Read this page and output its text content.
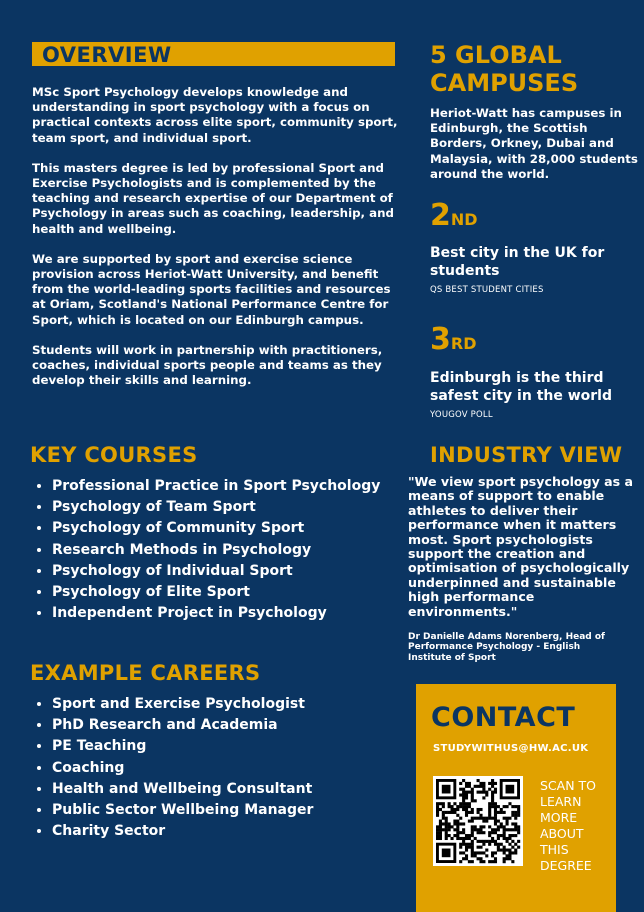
OVERVIEW

MSc Sport Psychology develops knowledge and understanding in sport psychology with a focus on practical contexts across elite sport, community sport, team sport, and individual sport.

This masters degree is led by professional Sport and Exercise Psychologists and is complemented by the teaching and research expertise of our Department of Psychology in areas such as coaching, leadership, and health and wellbeing.

We are supported by sport and exercise science provision across Heriot-Watt University, and benefit from the world-leading sports facilities and resources at Oriam, Scotland's National Performance Centre for Sport, which is located on our Edinburgh campus.

Students will work in partnership with practitioners, coaches, individual sports people and teams as they develop their skills and learning.

5 GLOBAL
CAMPUSES
Heriot-Watt has campuses in Edinburgh, the Scottish Borders, Orkney, Dubai and Malaysia, with 28,000 students around the world.
2ND
Best city in the UK for
students
QS BEST STUDENT CITIES
3RD
Edinburgh is the third
safest city in the world
YOUGOV POLL
KEY COURSES
• Professional Practice in Sport Psychology
• Psychology of Team Sport
• Psychology of Community Sport
• Research Methods in Psychology
• Psychology of Individual Sport
• Psychology of Elite Sport
• Independent Project in Psychology
EXAMPLE CAREERS
• Sport and Exercise Psychologist
• PhD Research and Academia
• PE Teaching
• Coaching
• Health and Wellbeing Consultant
• Public Sector Wellbeing Manager
• Charity Sector
INDUSTRY VIEW
"We view sport psychology as a means of support to enable athletes to deliver their performance when it matters most. Sport psychologists support the creation and optimisation of psychologically underpinned and sustainable high performance environments."
Dr Danielle Adams Norenberg, Head of Performance Psychology - English Institute of Sport
CONTACT
STUDYWITHUS@HW.AC.UK
SCAN TO
LEARN
MORE
ABOUT
THIS
DEGREE
